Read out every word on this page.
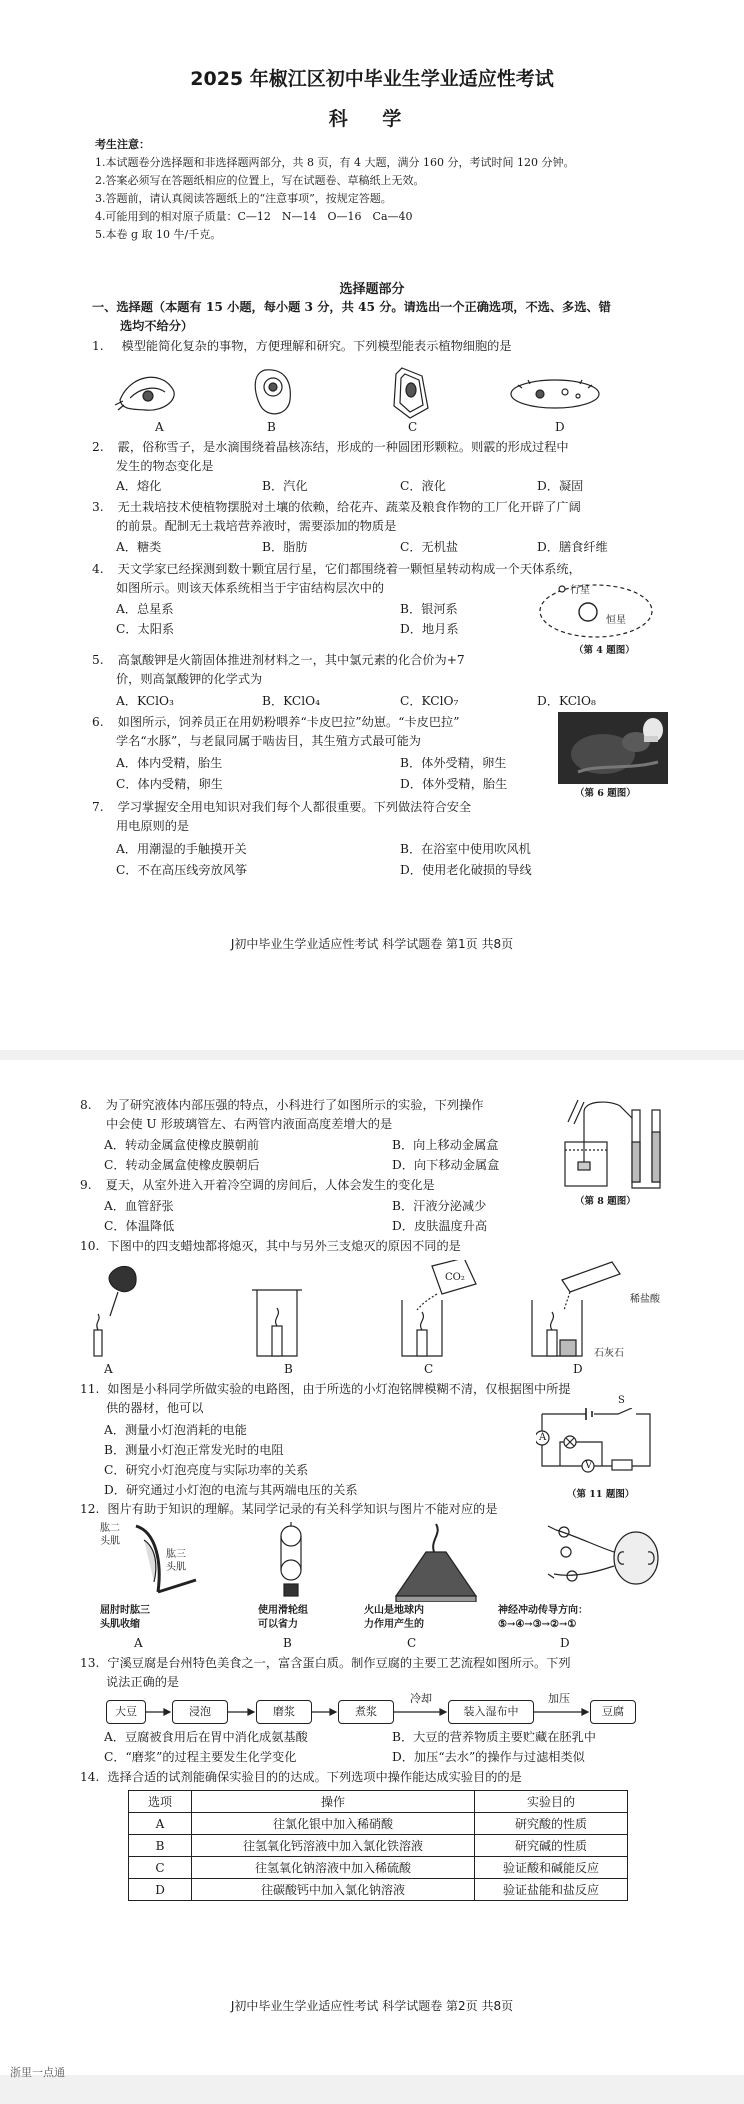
2025 年椒江区初中毕业生学业适应性考试
科 学
考生注意：
1.本试题卷分选择题和非选择题两部分，共 8 页，有 4 大题，满分 160 分，考试时间 120 分钟。
2.答案必须写在答题纸相应的位置上，写在试题卷、草稿纸上无效。
3.答题前，请认真阅读答题纸上的“注意事项”，按规定答题。
4.可能用到的相对原子质量：C—12　N—14　O—16　Ca—40
5.本卷 g 取 10 牛/千克。
选择题部分
一、选择题（本题有 15 小题，每小题 3 分，共 45 分。请选出一个正确选项，不选、多选、错
选均不给分）
1. 模型能简化复杂的事物，方便理解和研究。下列模型能表示植物细胞的是
A	B	C	D
2. 霰，俗称雪子，是水滴围绕着晶核冻结，形成的一种圆团形颗粒。则霰的形成过程中
发生的物态变化是
A．熔化	B．汽化	C．液化	D．凝固
3. 无土栽培技术使植物摆脱对土壤的依赖，给花卉、蔬菜及粮食作物的工厂化开辟了广阔
的前景。配制无土栽培营养液时，需要添加的物质是
A．糖类	B．脂肪	C．无机盐	D．膳食纤维
4. 天文学家已经探测到数十颗宜居行星，它们都围绕着一颗恒星转动构成一个天体系统，
如图所示。则该天体系统相当于宇宙结构层次中的
A．总星系	B．银河系
C．太阳系	D．地月系
行星
恒星
（第 4 题图）
5. 高氯酸钾是火箭固体推进剂材料之一，其中氯元素的化合价为+7
价，则高氯酸钾的化学式为
A．KClO₃	B．KClO₄	C．KClO₇	D．KClO₈
6. 如图所示，饲养员正在用奶粉喂养“卡皮巴拉”幼崽。“卡皮巴拉”
学名“水豚”，与老鼠同属于啮齿目，其生殖方式最可能为
A．体内受精，胎生	B．体外受精，卵生
C．体内受精，卵生	D．体外受精，胎生
（第 6 题图）
7. 学习掌握安全用电知识对我们每个人都很重要。下列做法符合安全
用电原则的是
A．用潮湿的手触摸开关	B．在浴室中使用吹风机
C．不在高压线旁放风筝	D．使用老化破损的导线
J初中毕业生学业适应性考试 科学试题卷 第1页 共8页
8. 为了研究液体内部压强的特点，小科进行了如图所示的实验，下列操作
中会使 U 形玻璃管左、右两管内液面高度差增大的是
A．转动金属盒使橡皮膜朝前	B．向上移动金属盒
C．转动金属盒使橡皮膜朝后	D．向下移动金属盒
（第 8 题图）
9. 夏天，从室外进入开着冷空调的房间后，人体会发生的变化是
A．血管舒张	B．汗液分泌减少
C．体温降低	D．皮肤温度升高
10. 下图中的四支蜡烛都将熄灭，其中与另外三支熄灭的原因不同的是
CO₂
稀盐酸
石灰石
A	B	C	D
11. 如图是小科同学所做实验的电路图，由于所选的小灯泡铭牌模糊不清，仅根据图中所提
供的器材，他可以
A．测量小灯泡消耗的电能
B．测量小灯泡正常发光时的电阻
C．研究小灯泡亮度与实际功率的关系
D．研究通过小灯泡的电流与其两端电压的关系
A
V
S
（第 11 题图）
12. 图片有助于知识的理解。某同学记录的有关科学知识与图片不能对应的是
肱二
头肌
肱三
头肌
屈肘时肱三
头肌收缩
使用滑轮组
可以省力
火山是地球内
力作用产生的
神经冲动传导方向：
⑤→④→③→②→①
A	B	C	D
13. 宁溪豆腐是台州特色美食之一，富含蛋白质。制作豆腐的主要工艺流程如图所示。下列
说法正确的是
大豆	浸泡	磨浆	煮浆	装入湿布中	豆腐
冷却	加压
A．豆腐被食用后在胃中消化成氨基酸	B．大豆的营养物质主要贮藏在胚乳中
C．“磨浆”的过程主要发生化学变化	D．加压“去水”的操作与过滤相类似
14. 选择合适的试剂能确保实验目的的达成。下列选项中操作能达成实验目的的是
选项	操作	实验目的
A	往氯化银中加入稀硝酸	研究酸的性质
B	往氢氧化钙溶液中加入氯化铁溶液	研究碱的性质
C	往氢氧化钠溶液中加入稀硫酸	验证酸和碱能反应
D	往碳酸钙中加入氯化钠溶液	验证盐能和盐反应
J初中毕业生学业适应性考试 科学试题卷 第2页 共8页
浙里一点通
